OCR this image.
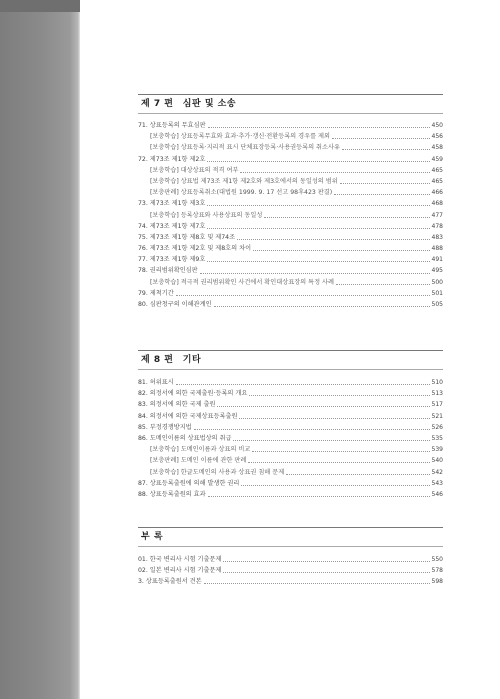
제 7 편 심판 및 소송
71. 상표등록의 무효심판	450
[보충학습] 상표등록무효와 효과·추가·갱신·전환등록의 경우를 제외	456
[보충학습] 상표등록·지리적 표시 단체표장등록·사용권등록의 취소사유	458
72. 제73조 제1항 제2호	459
[보충학습] 대상상표의 적격 여부	465
[보충학습] 상표법 제73조 제1항 제2호와 제3호에서의 동일성의 범위	465
[보충판례] 상표등록취소(대법원 1999. 9. 17 선고 98후423 판결)	466
73. 제73조 제1항 제3호	468
[보충학습] 등록상표와 사용상표의 동일성	477
74. 제73조 제1항 제7호	478
75. 제73조 제1항 제8호 및 제74조	483
76. 제73조 제1항 제2호 및 제8호의 차이	488
77. 제73조 제1항 제9호	491
78. 권리범위확인심판	495
[보충학습] 적극적 권리범위확인 사건에서 확인대상표장의 특정 사례	500
79. 제척기간	501
80. 심판청구의 이해관계인	505
제 8 편 기타
81. 허위표시	510
82. 의정서에 의한 국제출원·등록의 개요	513
83. 의정서에 의한 국제 출원	517
84. 의정서에 의한 국제상표등록출원	521
85. 부정경쟁방지법	526
86. 도메인이름의 상표법상의 취급	535
[보충학습] 도메인이름과 상표의 비교	539
[보충판례] 도메인 이름에 관한 판례	540
[보충학습] 한글도메인의 사용과 상표권 침해 문제	542
87. 상표등록출원에 의해 발생한 권리	543
88. 상표등록출원의 효과	546
부 록
01. 한국 변리사 시험 기출문제	550
02. 일본 변리사 시험 기출문제	578
3. 상표등록출원서 견본	598
